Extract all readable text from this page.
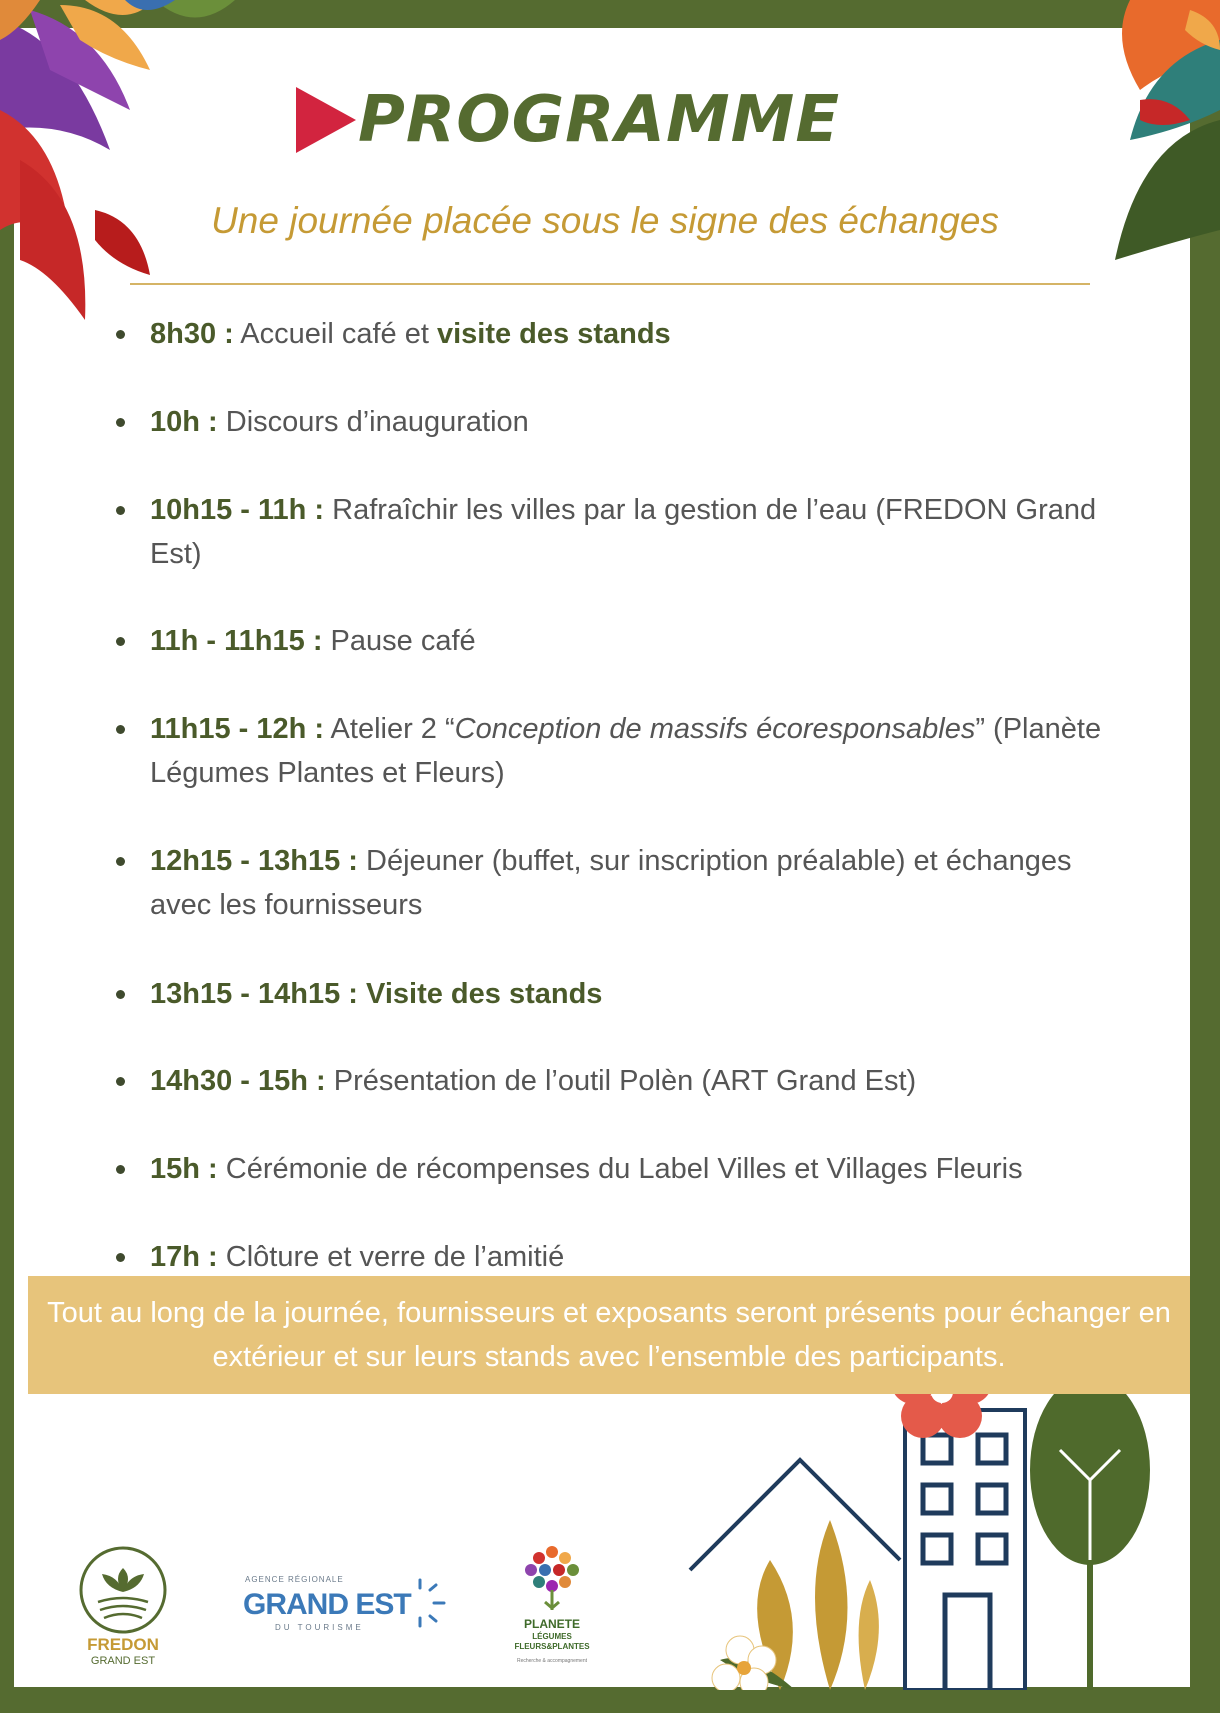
PROGRAMME

Une journée placée sous le signe des échanges

8h30 : Accueil café et visite des stands
10h : Discours d’inauguration
10h15 - 11h : Rafraîchir les villes par la gestion de l’eau (FREDON Grand Est)
11h - 11h15 : Pause café
11h15 - 12h : Atelier 2 “Conception de massifs écoresponsables” (Planète Légumes Plantes et Fleurs)
12h15 - 13h15 : Déjeuner (buffet, sur inscription préalable) et échanges avec les fournisseurs
13h15 - 14h15 : Visite des stands
14h30 - 15h : Présentation de l’outil Polèn (ART Grand Est)
15h : Cérémonie de récompenses du Label Villes et Villages Fleuris
17h : Clôture et verre de l’amitié

Tout au long de la journée, fournisseurs et exposants seront présents pour échanger en extérieur et sur leurs stands avec l’ensemble des participants.

FREDON
GRAND EST
AGENCE RÉGIONALE
GRAND EST
DU TOURISME	PLANETE
LÉGUMES
FLEURS&PLANTES
Recherche & accompagnement
